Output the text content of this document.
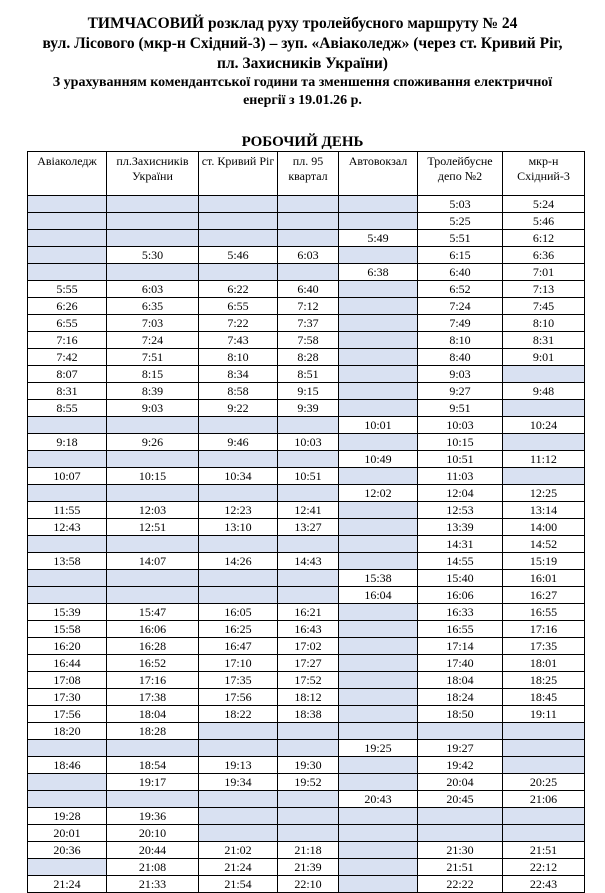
ТИМЧАСОВИЙ розклад руху тролейбусного маршруту № 24
вул. Лісового (мкр-н Східний-3) – зуп. «Авіаколедж» (через ст. Кривий Ріг,
пл. Захисників України)
З урахуванням комендантської години та зменшення споживання електричної
енергії з 19.01.26 р.
РОБОЧИЙ ДЕНЬ
Авіаколедж	пл.Захисників України	ст. Кривий Ріг	пл. 95 квартал	Автовокзал	Тролейбусне депо №2	мкр-н Східний-3
					5:03	5:24
					5:25	5:46
				5:49	5:51	6:12
	5:30	5:46	6:03		6:15	6:36
				6:38	6:40	7:01
5:55	6:03	6:22	6:40		6:52	7:13
6:26	6:35	6:55	7:12		7:24	7:45
6:55	7:03	7:22	7:37		7:49	8:10
7:16	7:24	7:43	7:58		8:10	8:31
7:42	7:51	8:10	8:28		8:40	9:01
8:07	8:15	8:34	8:51		9:03	
8:31	8:39	8:58	9:15		9:27	9:48
8:55	9:03	9:22	9:39		9:51	
				10:01	10:03	10:24
9:18	9:26	9:46	10:03		10:15	
				10:49	10:51	11:12
10:07	10:15	10:34	10:51		11:03	
				12:02	12:04	12:25
11:55	12:03	12:23	12:41		12:53	13:14
12:43	12:51	13:10	13:27		13:39	14:00
					14:31	14:52
13:58	14:07	14:26	14:43		14:55	15:19
				15:38	15:40	16:01
				16:04	16:06	16:27
15:39	15:47	16:05	16:21		16:33	16:55
15:58	16:06	16:25	16:43		16:55	17:16
16:20	16:28	16:47	17:02		17:14	17:35
16:44	16:52	17:10	17:27		17:40	18:01
17:08	17:16	17:35	17:52		18:04	18:25
17:30	17:38	17:56	18:12		18:24	18:45
17:56	18:04	18:22	18:38		18:50	19:11
18:20	18:28					
				19:25	19:27	
18:46	18:54	19:13	19:30		19:42	
	19:17	19:34	19:52		20:04	20:25
				20:43	20:45	21:06
19:28	19:36					
20:01	20:10					
20:36	20:44	21:02	21:18		21:30	21:51
	21:08	21:24	21:39		21:51	22:12
21:24	21:33	21:54	22:10		22:22	22:43
